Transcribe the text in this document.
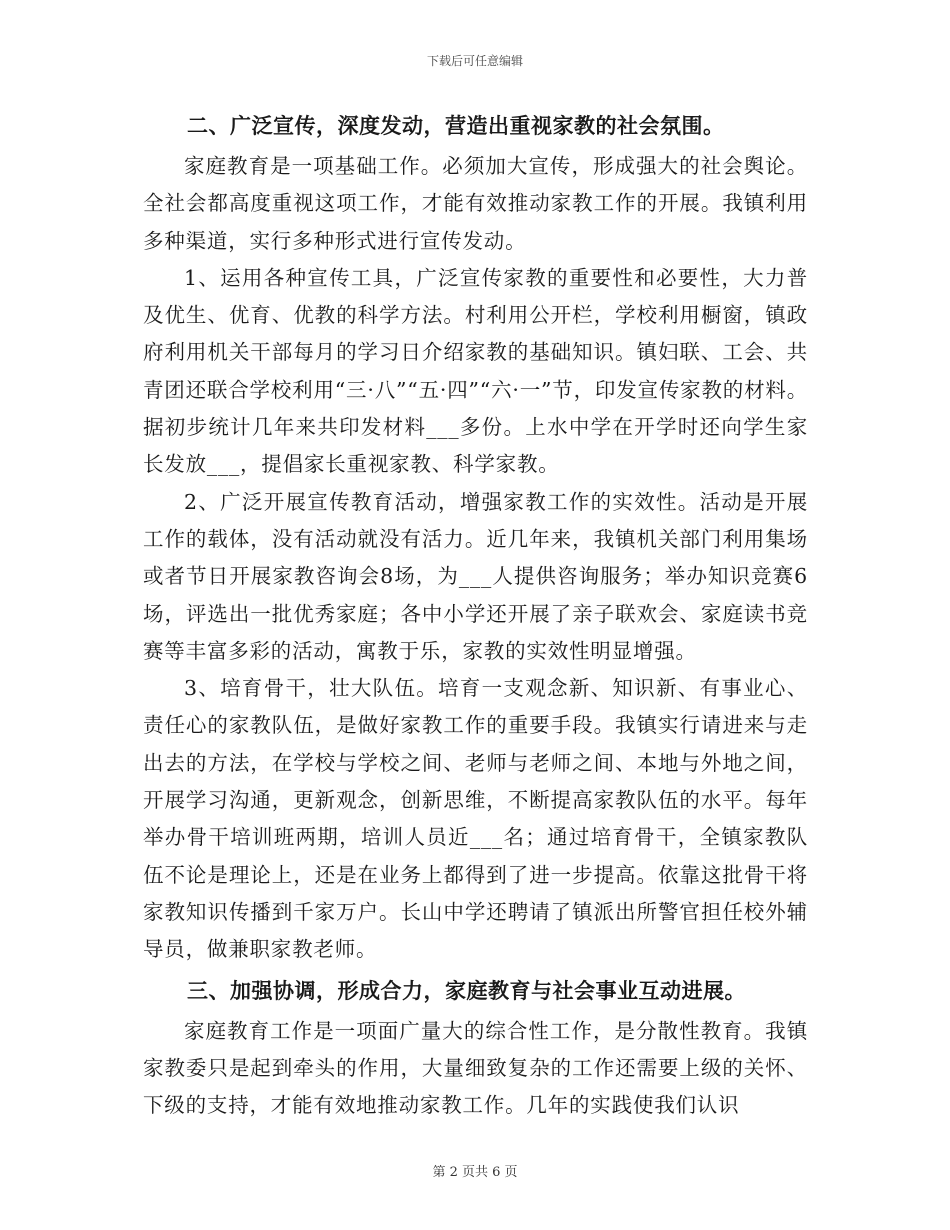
下载后可任意编辑
二、广泛宣传，深度发动，营造出重视家教的社会氛围。

家庭教育是一项基础工作。必须加大宣传，形成强大的社会舆论。全社会都高度重视这项工作，才能有效推动家教工作的开展。我镇利用多种渠道，实行多种形式进行宣传发动。

1、运用各种宣传工具，广泛宣传家教的重要性和必要性，大力普及优生、优育、优教的科学方法。村利用公开栏，学校利用橱窗，镇政府利用机关干部每月的学习日介绍家教的基础知识。镇妇联、工会、共青团还联合学校利用“三·八”“五·四”“六·一”节，印发宣传家教的材料。据初步统计几年来共印发材料___多份。上水中学在开学时还向学生家长发放___，提倡家长重视家教、科学家教。

2、广泛开展宣传教育活动，增强家教工作的实效性。活动是开展工作的载体，没有活动就没有活力。近几年来，我镇机关部门利用集场或者节日开展家教咨询会8场，为___人提供咨询服务；举办知识竞赛6场，评选出一批优秀家庭；各中小学还开展了亲子联欢会、家庭读书竞赛等丰富多彩的活动，寓教于乐，家教的实效性明显增强。

3、培育骨干，壮大队伍。培育一支观念新、知识新、有事业心、责任心的家教队伍，是做好家教工作的重要手段。我镇实行请进来与走出去的方法，在学校与学校之间、老师与老师之间、本地与外地之间，开展学习沟通，更新观念，创新思维，不断提高家教队伍的水平。每年举办骨干培训班两期，培训人员近___名；通过培育骨干，全镇家教队伍不论是理论上，还是在业务上都得到了进一步提高。依靠这批骨干将家教知识传播到千家万户。长山中学还聘请了镇派出所警官担任校外辅导员，做兼职家教老师。

三、加强协调，形成合力，家庭教育与社会事业互动进展。

家庭教育工作是一项面广量大的综合性工作，是分散性教育。我镇家教委只是起到牵头的作用，大量细致复杂的工作还需要上级的关怀、下级的支持，才能有效地推动家教工作。几年的实践使我们认识

第 2 页共 6 页
